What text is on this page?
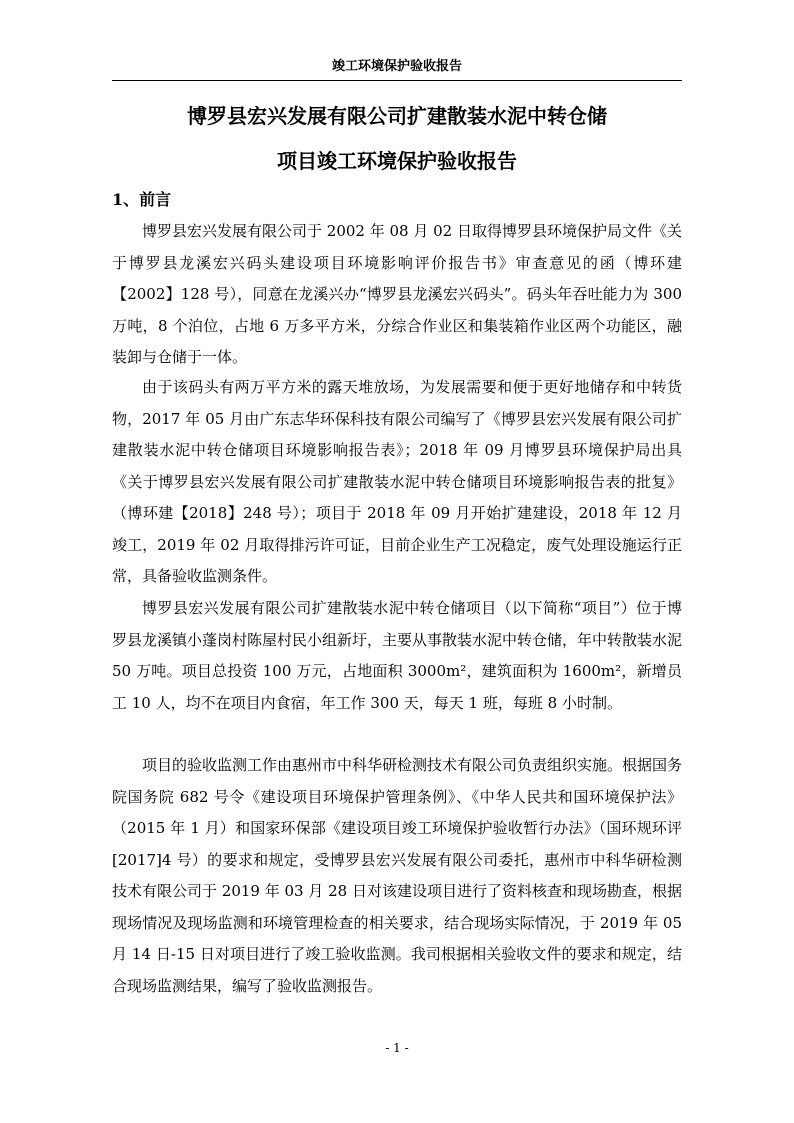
竣工环境保护验收报告
博罗县宏兴发展有限公司扩建散装水泥中转仓储
项目竣工环境保护验收报告
1、前言

博罗县宏兴发展有限公司于 2002 年 08 月 02 日取得博罗县环境保护局文件《关于博罗县龙溪宏兴码头建设项目环境影响评价报告书》审查意见的函（博环建【2002】128 号），同意在龙溪兴办“博罗县龙溪宏兴码头”。码头年吞吐能力为 300 万吨，8 个泊位，占地 6 万多平方米，分综合作业区和集装箱作业区两个功能区，融装卸与仓储于一体。

由于该码头有两万平方米的露天堆放场，为发展需要和便于更好地储存和中转货物，2017 年 05 月由广东志华环保科技有限公司编写了《博罗县宏兴发展有限公司扩建散装水泥中转仓储项目环境影响报告表》；2018 年 09 月博罗县环境保护局出具《关于博罗县宏兴发展有限公司扩建散装水泥中转仓储项目环境影响报告表的批复》（博环建【2018】248 号）；项目于 2018 年 09 月开始扩建建设，2018 年 12 月竣工，2019 年 02 月取得排污许可证，目前企业生产工况稳定，废气处理设施运行正常，具备验收监测条件。

博罗县宏兴发展有限公司扩建散装水泥中转仓储项目（以下简称“项目”）位于博罗县龙溪镇小蓬岗村陈屋村民小组新圩，主要从事散装水泥中转仓储，年中转散装水泥 50 万吨。项目总投资 100 万元，占地面积 3000m²，建筑面积为 1600m²，新增员工 10 人，均不在项目内食宿，年工作 300 天，每天 1 班，每班 8 小时制。

项目的验收监测工作由惠州市中科华研检测技术有限公司负责组织实施。根据国务院国务院 682 号令《建设项目环境保护管理条例》、《中华人民共和国环境保护法》（2015 年 1 月）和国家环保部《建设项目竣工环境保护验收暂行办法》（国环规环评[2017]4 号）的要求和规定，受博罗县宏兴发展有限公司委托，惠州市中科华研检测技术有限公司于 2019 年 03 月 28 日对该建设项目进行了资料核查和现场勘查，根据现场情况及现场监测和环境管理检查的相关要求，结合现场实际情况，于 2019 年 05 月 14 日-15 日对项目进行了竣工验收监测。我司根据相关验收文件的要求和规定，结合现场监测结果，编写了验收监测报告。

- 1 -
